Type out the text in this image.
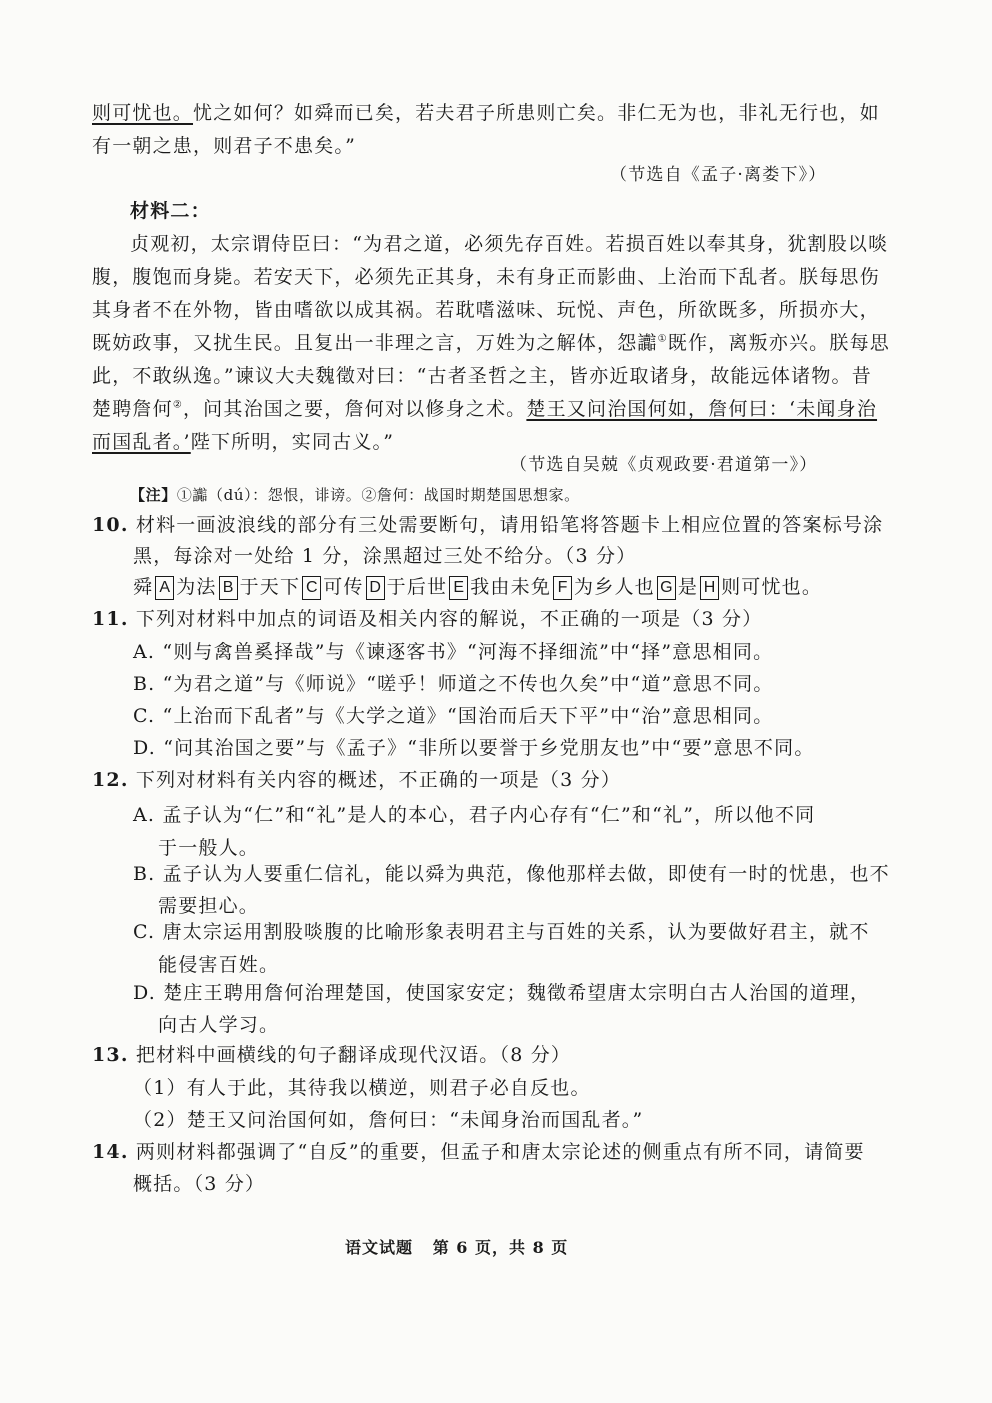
则可忧也。忧之如何？如舜而已矣，若夫君子所患则亡矣。非仁无为也，非礼无行也，如
有一朝之患，则君子不患矣。”
（节选自《孟子·离娄下》）
材料二：
贞观初，太宗谓侍臣曰：“为君之道，必须先存百姓。若损百姓以奉其身，犹割股以啖
腹，腹饱而身毙。若安天下，必须先正其身，未有身正而影曲、上治而下乱者。朕每思伤
其身者不在外物，皆由嗜欲以成其祸。若耽嗜滋味、玩悦、声色，所欲既多，所损亦大，
既妨政事，又扰生民。且复出一非理之言，万姓为之解体，怨讟①既作，离叛亦兴。朕每思
此，不敢纵逸。”谏议大夫魏徵对曰：“古者圣哲之主，皆亦近取诸身，故能远体诸物。昔
楚聘詹何②，问其治国之要，詹何对以修身之术。楚王又问治国何如，詹何曰：‘未闻身治
而国乱者。’陛下所明，实同古义。”
（节选自吴兢《贞观政要·君道第一》）
【注】①讟（dú）：怨恨，诽谤。②詹何：战国时期楚国思想家。
10. 材料一画波浪线的部分有三处需要断句，请用铅笔将答题卡上相应位置的答案标号涂
黑，每涂对一处给 1 分，涂黑超过三处不给分。（3 分）
舜 A 为法 B 于天下 C 可传 D 于后世 E 我由未免 F 为乡人也 G 是 H 则可忧也。
11. 下列对材料中加点的词语及相关内容的解说，不正确的一项是（3 分）
A. “则与禽兽奚择哉”与《谏逐客书》“河海不择细流”中“择”意思相同。
B. “为君之道”与《师说》“嗟乎！师道之不传也久矣”中“道”意思不同。
C. “上治而下乱者”与《大学之道》“国治而后天下平”中“治”意思相同。
D. “问其治国之要”与《孟子》“非所以要誉于乡党朋友也”中“要”意思不同。
12. 下列对材料有关内容的概述，不正确的一项是（3 分）
A. 孟子认为“仁”和“礼”是人的本心，君子内心存有“仁”和“礼”，所以他不同
于一般人。
B. 孟子认为人要重仁信礼，能以舜为典范，像他那样去做，即使有一时的忧患，也不
需要担心。
C. 唐太宗运用割股啖腹的比喻形象表明君主与百姓的关系，认为要做好君主，就不
能侵害百姓。
D. 楚庄王聘用詹何治理楚国，使国家安定；魏徵希望唐太宗明白古人治国的道理，
向古人学习。
13. 把材料中画横线的句子翻译成现代汉语。（8 分）
（1）有人于此，其待我以横逆，则君子必自反也。
（2）楚王又问治国何如，詹何曰：“未闻身治而国乱者。”
14. 两则材料都强调了“自反”的重要，但孟子和唐太宗论述的侧重点有所不同，请简要
概括。（3 分）
语文试题 第 6 页，共 8 页
